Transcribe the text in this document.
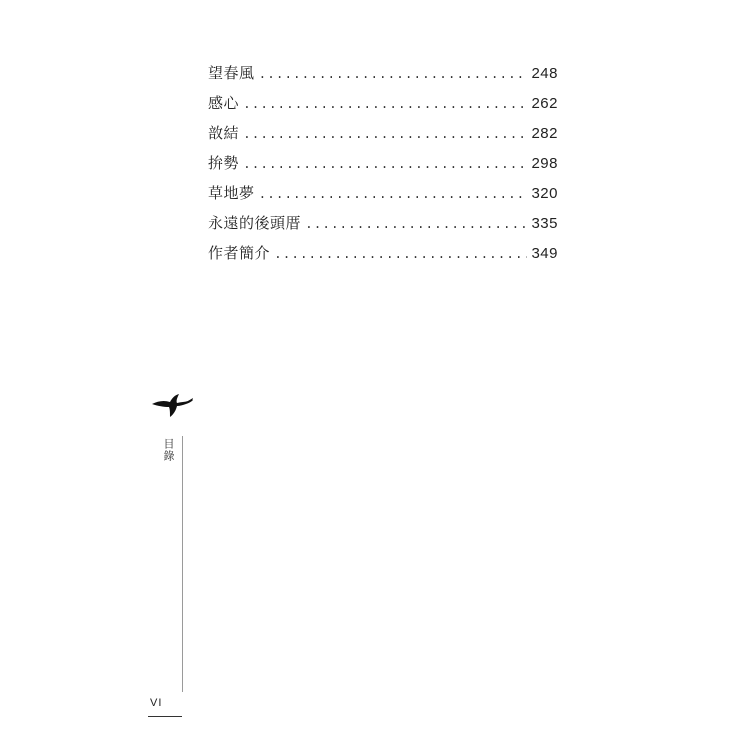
望春風 .....	248
感心 .....	262
敨結 .....	282
拚勢 .....	298
草地夢 .....	320
永遠的後頭厝 .....	335
作者簡介 .....	349
目錄
VI
